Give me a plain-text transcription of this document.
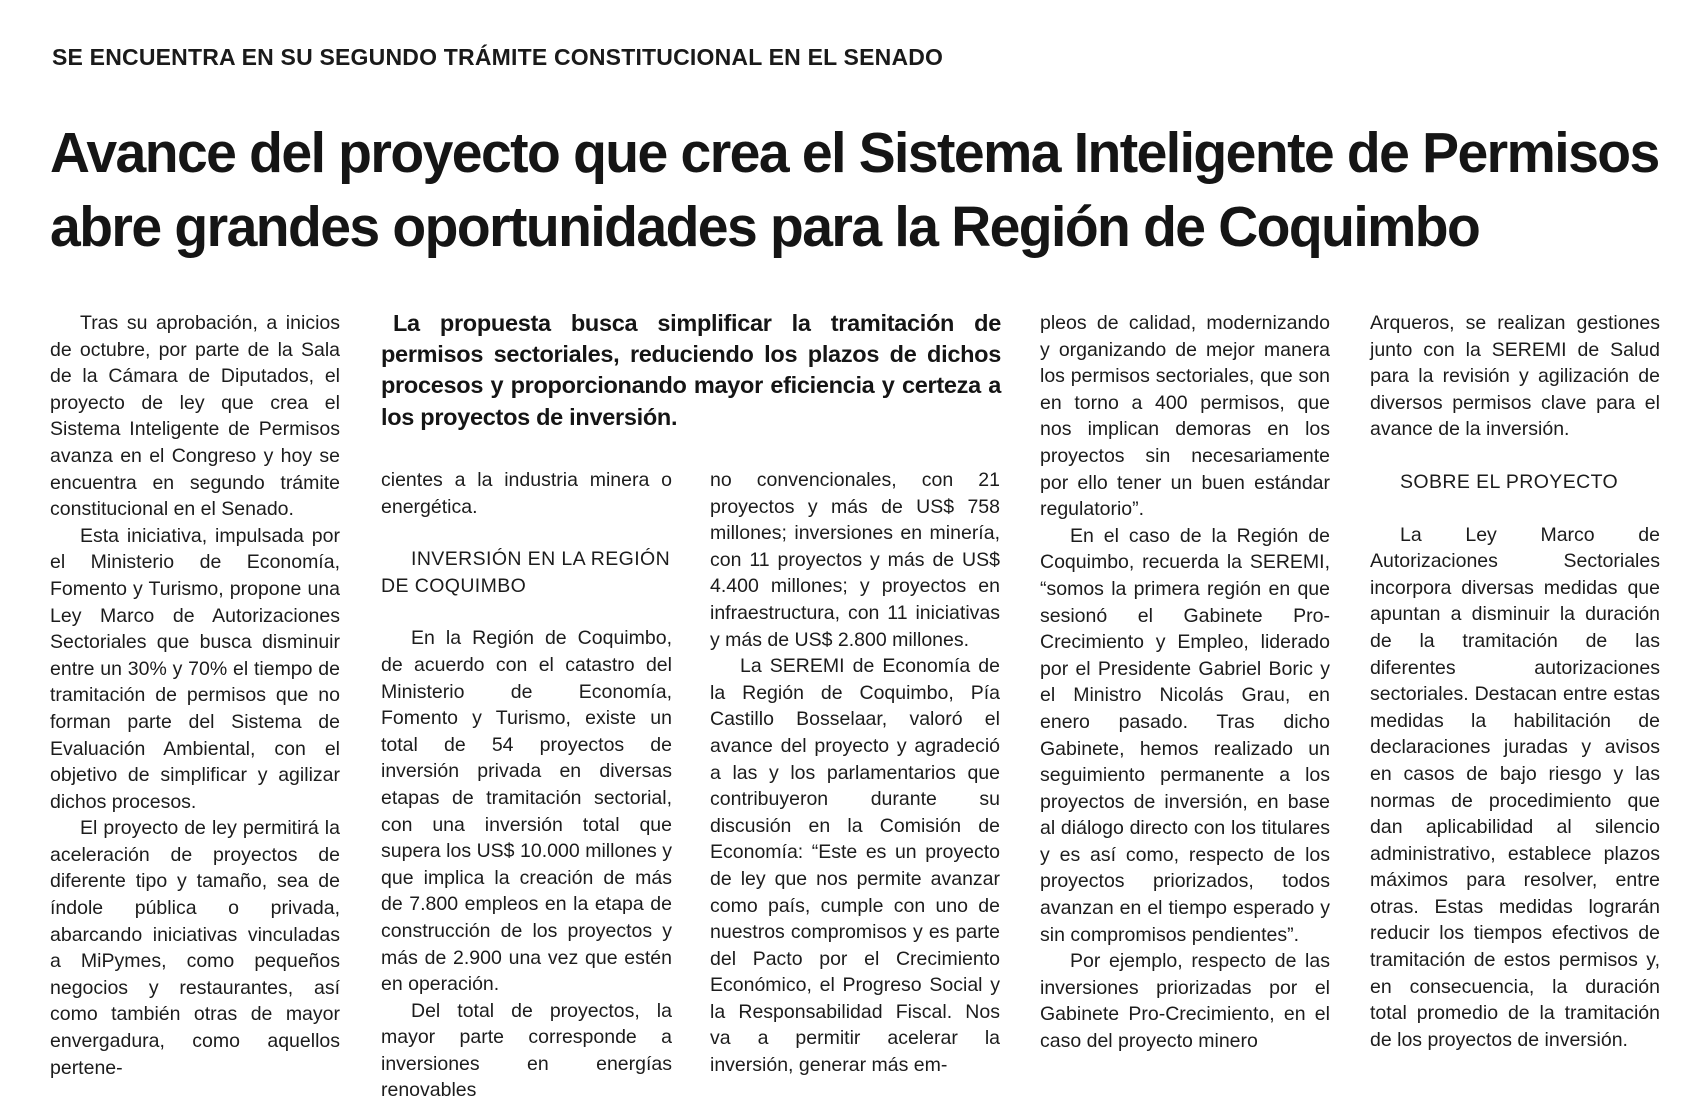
SE ENCUENTRA EN SU SEGUNDO TRÁMITE CONSTITUCIONAL EN EL SENADO
Avance del proyecto que crea el Sistema Inteligente de Permisos
abre grandes oportunidades para la Región de Coquimbo

Tras su aprobación, a inicios de octubre, por parte de la Sala de la Cámara de Diputados, el proyecto de ley que crea el Sistema Inteligente de Permisos avanza en el Congreso y hoy se encuentra en segundo trámite constitucional en el Senado.

Esta iniciativa, impulsada por el Ministerio de Economía, Fomento y Turismo, propone una Ley Marco de Autorizaciones Sectoriales que busca disminuir entre un 30% y 70% el tiempo de tramitación de permisos que no forman parte del Sistema de Evaluación Ambiental, con el objetivo de simplificar y agilizar dichos procesos.

El proyecto de ley permitirá la aceleración de proyectos de diferente tipo y tamaño, sea de índole pública o privada, abarcando iniciativas vinculadas a MiPymes, como pequeños negocios y restaurantes, así como también otras de mayor envergadura, como aquellos pertene-

La propuesta busca simplificar la tramitación de permisos sectoriales, reduciendo los plazos de dichos procesos y proporcionando mayor eficiencia y certeza a los proyectos de inversión.

cientes a la industria minera o energética.

INVERSIÓN EN LA REGIÓN DE COQUIMBO

En la Región de Coquimbo, de acuerdo con el catastro del Ministerio de Economía, Fomento y Turismo, existe un total de 54 proyectos de inversión privada en diversas etapas de tramitación sectorial, con una inversión total que supera los US$ 10.000 millones y que implica la creación de más de 7.800 empleos en la etapa de construcción de los proyectos y más de 2.900 una vez que estén en operación.

Del total de proyectos, la mayor parte corresponde a inversiones en energías renovables

no convencionales, con 21 proyectos y más de US$ 758 millones; inversiones en minería, con 11 proyectos y más de US$ 4.400 millones; y proyectos en infraestructura, con 11 iniciativas y más de US$ 2.800 millones.

La SEREMI de Economía de la Región de Coquimbo, Pía Castillo Bosselaar, valoró el avance del proyecto y agradeció a las y los parlamentarios que contribuyeron durante su discusión en la Comisión de Economía: “Este es un proyecto de ley que nos permite avanzar como país, cumple con uno de nuestros compromisos y es parte del Pacto por el Crecimiento Económico, el Progreso Social y la Responsabilidad Fiscal. Nos va a permitir acelerar la inversión, generar más em-

pleos de calidad, modernizando y organizando de mejor manera los permisos sectoriales, que son en torno a 400 permisos, que nos implican demoras en los proyectos sin necesariamente por ello tener un buen estándar regulatorio”.

En el caso de la Región de Coquimbo, recuerda la SEREMI, “somos la primera región en que sesionó el Gabinete Pro-Crecimiento y Empleo, liderado por el Presidente Gabriel Boric y el Ministro Nicolás Grau, en enero pasado. Tras dicho Gabinete, hemos realizado un seguimiento permanente a los proyectos de inversión, en base al diálogo directo con los titulares y es así como, respecto de los proyectos priorizados, todos avanzan en el tiempo esperado y sin compromisos pendientes”.

Por ejemplo, respecto de las inversiones priorizadas por el Gabinete Pro-Crecimiento, en el caso del proyecto minero

Arqueros, se realizan gestiones junto con la SEREMI de Salud para la revisión y agilización de diversos permisos clave para el avance de la inversión.

SOBRE EL PROYECTO

La Ley Marco de Autorizaciones Sectoriales incorpora diversas medidas que apuntan a disminuir la duración de la tramitación de las diferentes autorizaciones sectoriales. Destacan entre estas medidas la habilitación de declaraciones juradas y avisos en casos de bajo riesgo y las normas de procedimiento que dan aplicabilidad al silencio administrativo, establece plazos máximos para resolver, entre otras. Estas medidas lograrán reducir los tiempos efectivos de tramitación de estos permisos y, en consecuencia, la duración total promedio de la tramitación de los proyectos de inversión.
